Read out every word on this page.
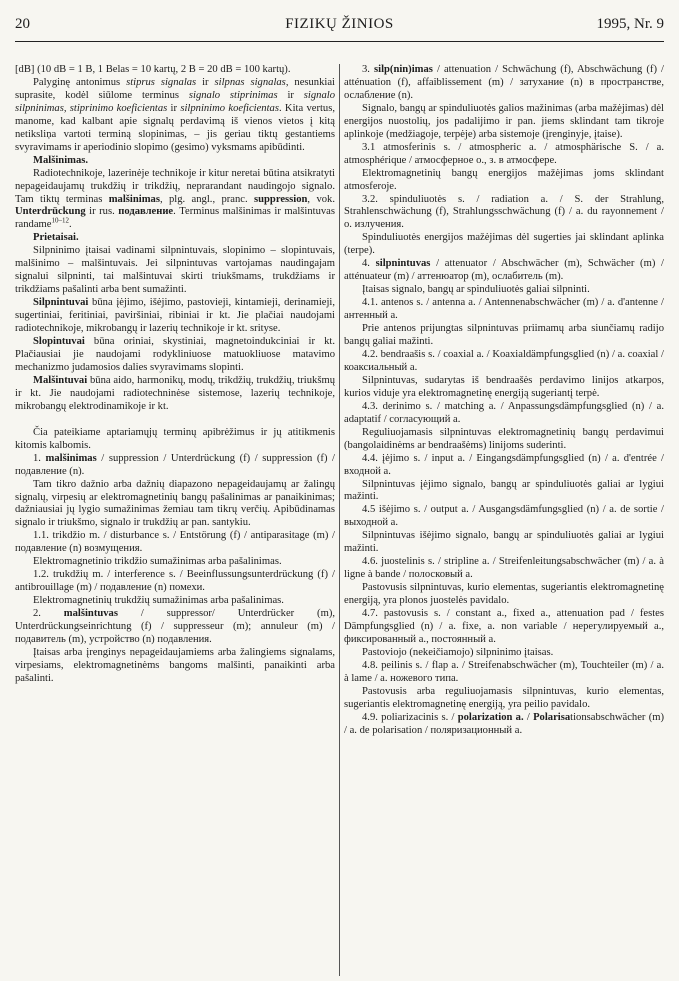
20	FIZIKŲ ŽINIOS	1995, Nr. 9

[dB] (10 dB = 1 B, 1 Belas = 10 kartų, 2 B = 20 dB = 100 kartų).

Palyginę antonimus stiprus signalas ir silpnas signalas, nesunkiai suprasite, kodėl siūlome terminus signalo stiprinimas ir signalo silpninimas, stiprinimo koeficientas ir silpninimo koeficientas. Kita vertus, manome, kad kalbant apie signalų perdavimą iš vienos vietos į kitą netiksliņa vartoti terminą slopinimas, – jis geriau tiktų gestantiems svyravimams ir aperiodinio slopimo (gesimo) vyksmams apibūdinti.

Malšinimas.

Radiotechnikoje, lazerinėje technikoje ir kitur neretai būtina atsikratyti nepageidaujamų trukdžių ir trikdžių, neprarandant naudingojo signalo. Tam tiktų terminas malšinimas, plg. angl., pranc. suppression, vok. Unterdrückung ir rus. подавление. Terminus malšinimas ir malšintuvas randame$^{10-12}$.

Prietaisai.

Silpninimo įtaisai vadinami silpnintuvais, slopinimo – slopintuvais, malšinimo – malšintuvais. Jei silpnintuvas vartojamas naudingajam signalui silpninti, tai malšintuvai skirti triukšmams, trukdžiams ir trikdžiams pašalinti arba bent sumažinti.

Silpnintuvai būna įėjimo, išėjimo, pastovieji, kintamieji, derinamieji, sugertiniai, feritiniai, paviršiniai, ribiniai ir kt. Jie plačiai naudojami radiotechnikoje, mikrobangų ir lazerių technikoje ir kt. srityse.

Slopintuvai būna oriniai, skystiniai, magnetoindukciniai ir kt. Plačiausiai jie naudojami rodykliniuose matuokliuose matavimo mechanizmo judamosios dalies svyravimams slopinti.

Malšintuvai būna aido, harmonikų, modų, trikdžių, trukdžių, triukšmų ir kt. Jie naudojami radiotechninėse sistemose, lazerių technikoje, mikrobangų elektrodinamikoje ir kt.

Čia pateikiame aptariamųjų terminų apibrėžimus ir jų atitikmenis kitomis kalbomis.

1. malšinimas / suppression / Unterdrückung (f) / suppression (f) / подавление (n).

Tam tikro dažnio arba dažnių diapazono nepageidaujamų ar žalingų signalų, virpesių ar elektromagnetinių bangų pašalinimas ar panaikinimas; dažniausiai jų lygio sumažinimas žemiau tam tikrų verčių. Apibūdinamas signalo ir triukšmo, signalo ir trukdžių ar pan. santykiu.

1.1. trikdžio m. / disturbance s. / Entstörung (f) / antiparasitage (m) / подавление (n) возмущения.

Elektromagnetinio trikdžio sumažinimas arba pašalinimas.

1.2. trukdžių m. / interference s. / Beeinflussungsunterdrückung (f) / antibrouillage (m) / подавление (n) помехи.

Elektromagnetinių trukdžių sumažinimas arba pašalinimas.

2. malšintuvas / suppressor/ Unterdrücker (m), Unterdrückungseinrichtung (f) / suppresseur (m); annuleur (m) / подавитель (m), устройство (n) подавления.

Įtaisas arba įrenginys nepageidaujamiems arba žalingiems signalams, virpesiams, elektromagnetinėms bangoms malšinti, panaikinti arba pašalinti.

3. silp(nin)imas / attenuation / Schwächung (f), Abschwächung (f) / atténuation (f), affaiblissement (m) / затухание (n) в пространстве, ослабление (n).

Signalo, bangų ar spinduliuotės galios mažinimas (arba mažėjimas) dėl energijos nuostolių, jos padalijimo ir pan. jiems sklindant tam tikroje aplinkoje (medžiagoje, terpėje) arba sistemoje (įrenginyje, įtaise).

3.1 atmosferinis s. / atmospheric a. / atmosphärische S. / a. atmosphérique / атмосферное о., з. в атмосфере.

Elektromagnetinių bangų energijos mažėjimas joms sklindant atmosferoje.

3.2. spinduliuotės s. / radiation a. / S. der Strahlung, Strahlenschwächung (f), Strahlungsschwächung (f) / a. du rayonnement / о. излучения.

Spinduliuotės energijos mažėjimas dėl sugerties jai sklindant aplinka (terpe).

4. silpnintuvas / attenuator / Abschwächer (m), Schwächer (m) / atténuateur (m) / аттенюатор (m), ослабитель (m).

Įtaisas signalo, bangų ar spinduliuotės galiai silpninti.

4.1. antenos s. / antenna a. / Antennenabschwächer (m) / a. d'antenne / антенный а.

Prie antenos prijungtas silpnintuvas priimamų arba siunčiamų radijo bangų galiai mažinti.

4.2. bendraašis s. / coaxial a. / Koaxialdämpfungsglied (n) / a. coaxial / коаксиальный а.

Silpnintuvas, sudarytas iš bendraašės perdavimo linijos atkarpos, kurios viduje yra elektromagnetinę energiją sugeriantį terpė.

4.3. derinimo s. / matching a. / Anpassungsdämpfungsglied (n) / a. adaptatif / согласующий а.

Reguliuojamasis silpnintuvas elektromagnetinių bangų perdavimui (bangolaidinėms ar bendraašėms) linijoms suderinti.

4.4. įėjimo s. / input a. / Eingangsdämpfungsglied (n) / a. d'entrée / входной а.

Silpnintuvas įėjimo signalo, bangų ar spinduliuotės galiai ar lygiui mažinti.

4.5 išėjimo s. / output a. / Ausgangsdämfungsglied (n) / a. de sortie / выходной а.

Silpnintuvas išėjimo signalo, bangų ar spinduliuotės galiai ar lygiui mažinti.

4.6. juostelinis s. / stripline a. / Streifenleitungsabschwächer (m) / a. à ligne à bande / полосковый а.

Pastovusis silpnintuvas, kurio elementas, sugeriantis elektromagnetinę energiją, yra plonos juostelės pavidalo.

4.7. pastovusis s. / constant a., fixed a., attenuation pad / festes Dämpfungsglied (n) / a. fixe, a. non variable / нерегулируемый а., фиксированный а., постоянный а.

Pastoviojo (nekeičiamojo) silpninimo įtaisas.

4.8. peilinis s. / flap a. / Streifenabschwächer (m), Touchteiler (m) / a. à lame / а. ножевого типа.

Pastovusis arba reguliuojamasis silpnintuvas, kurio elementas, sugeriantis elektromagnetinę energiją, yra peilio pavidalo.

4.9. poliarizacinis s. / polarization a. / Polarisationsabschwächer (m) / a. de polarisation / поляризационный а.
